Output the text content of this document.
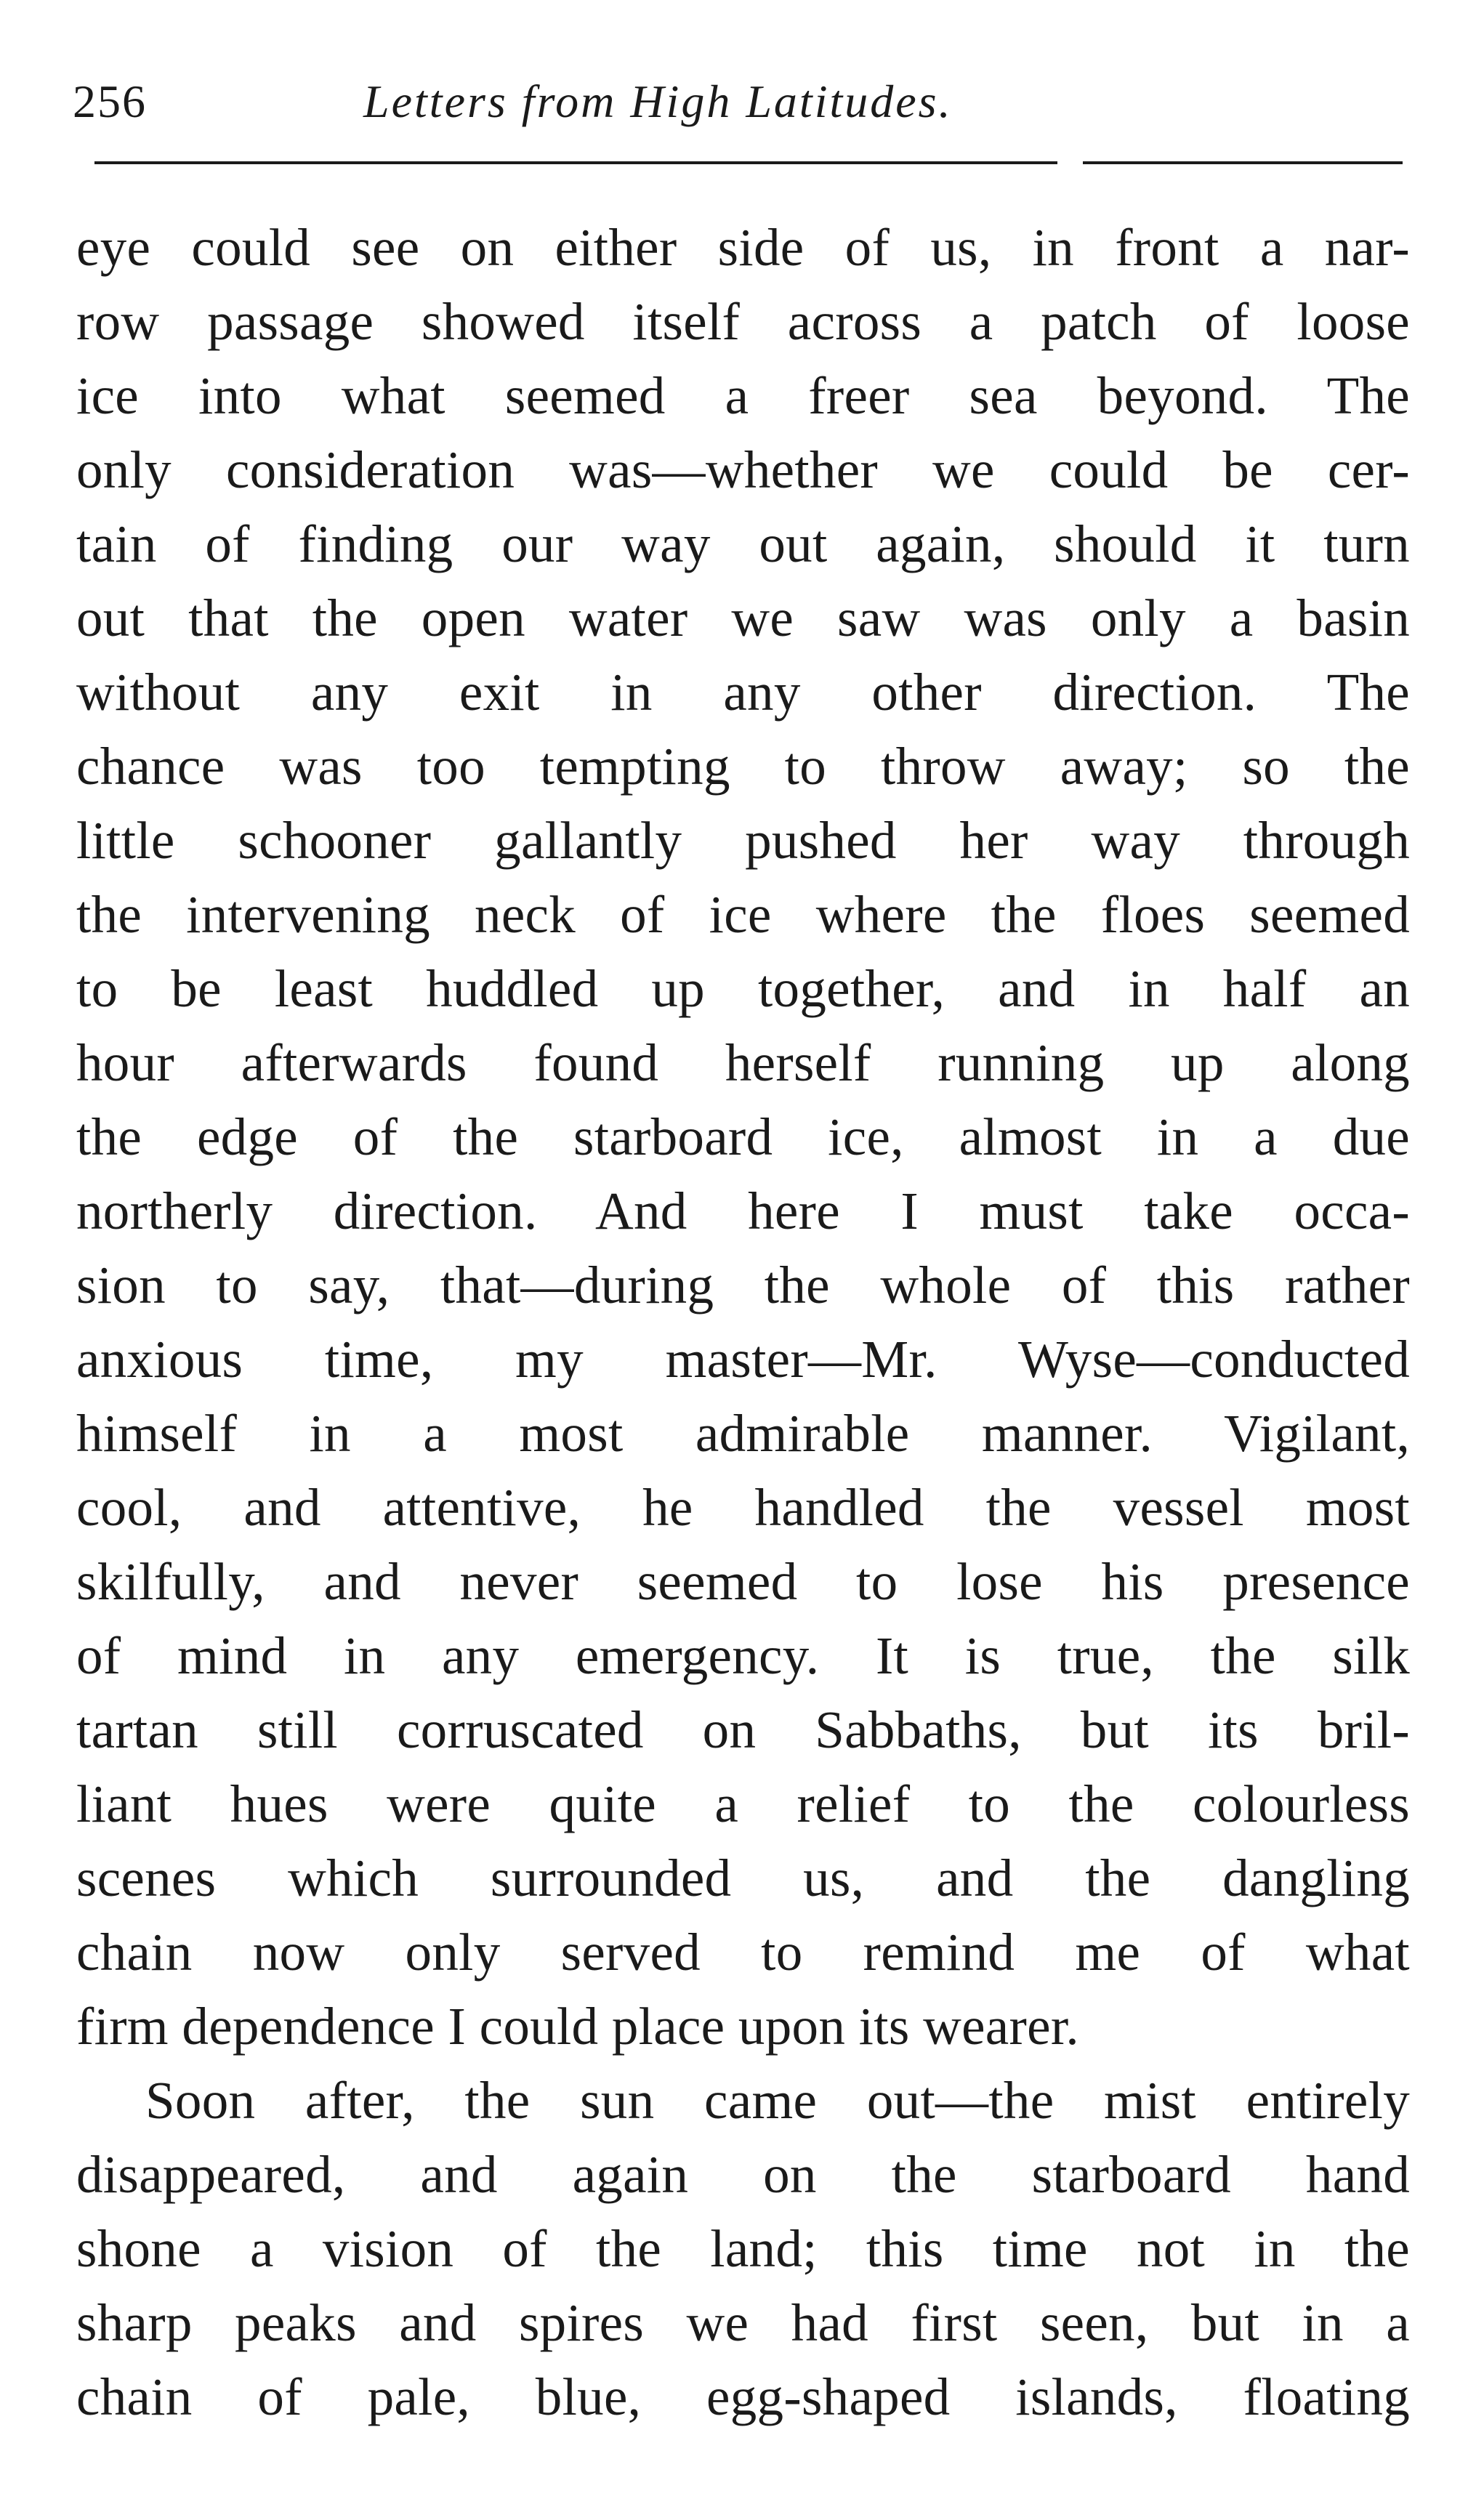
256	Letters from High Latitudes.
eye could see on either side of us, in front a nar-
row passage showed itself across a patch of loose
ice into what seemed a freer sea beyond. The
only consideration was—whether we could be cer-
tain of finding our way out again, should it turn
out that the open water we saw was only a basin
without any exit in any other direction. The
chance was too tempting to throw away; so the
little schooner gallantly pushed her way through
the intervening neck of ice where the floes seemed
to be least huddled up together, and in half an
hour afterwards found herself running up along
the edge of the starboard ice, almost in a due
northerly direction. And here I must take occa-
sion to say, that—during the whole of this rather
anxious time, my master—Mr. Wyse—conducted
himself in a most admirable manner. Vigilant,
cool, and attentive, he handled the vessel most
skilfully, and never seemed to lose his presence
of mind in any emergency. It is true, the silk
tartan still corruscated on Sabbaths, but its bril-
liant hues were quite a relief to the colourless
scenes which surrounded us, and the dangling
chain now only served to remind me of what
firm dependence I could place upon its wearer.
Soon after, the sun came out—the mist entirely
disappeared, and again on the starboard hand
shone a vision of the land; this time not in the
sharp peaks and spires we had first seen, but in a
chain of pale, blue, egg-shaped islands, floating
